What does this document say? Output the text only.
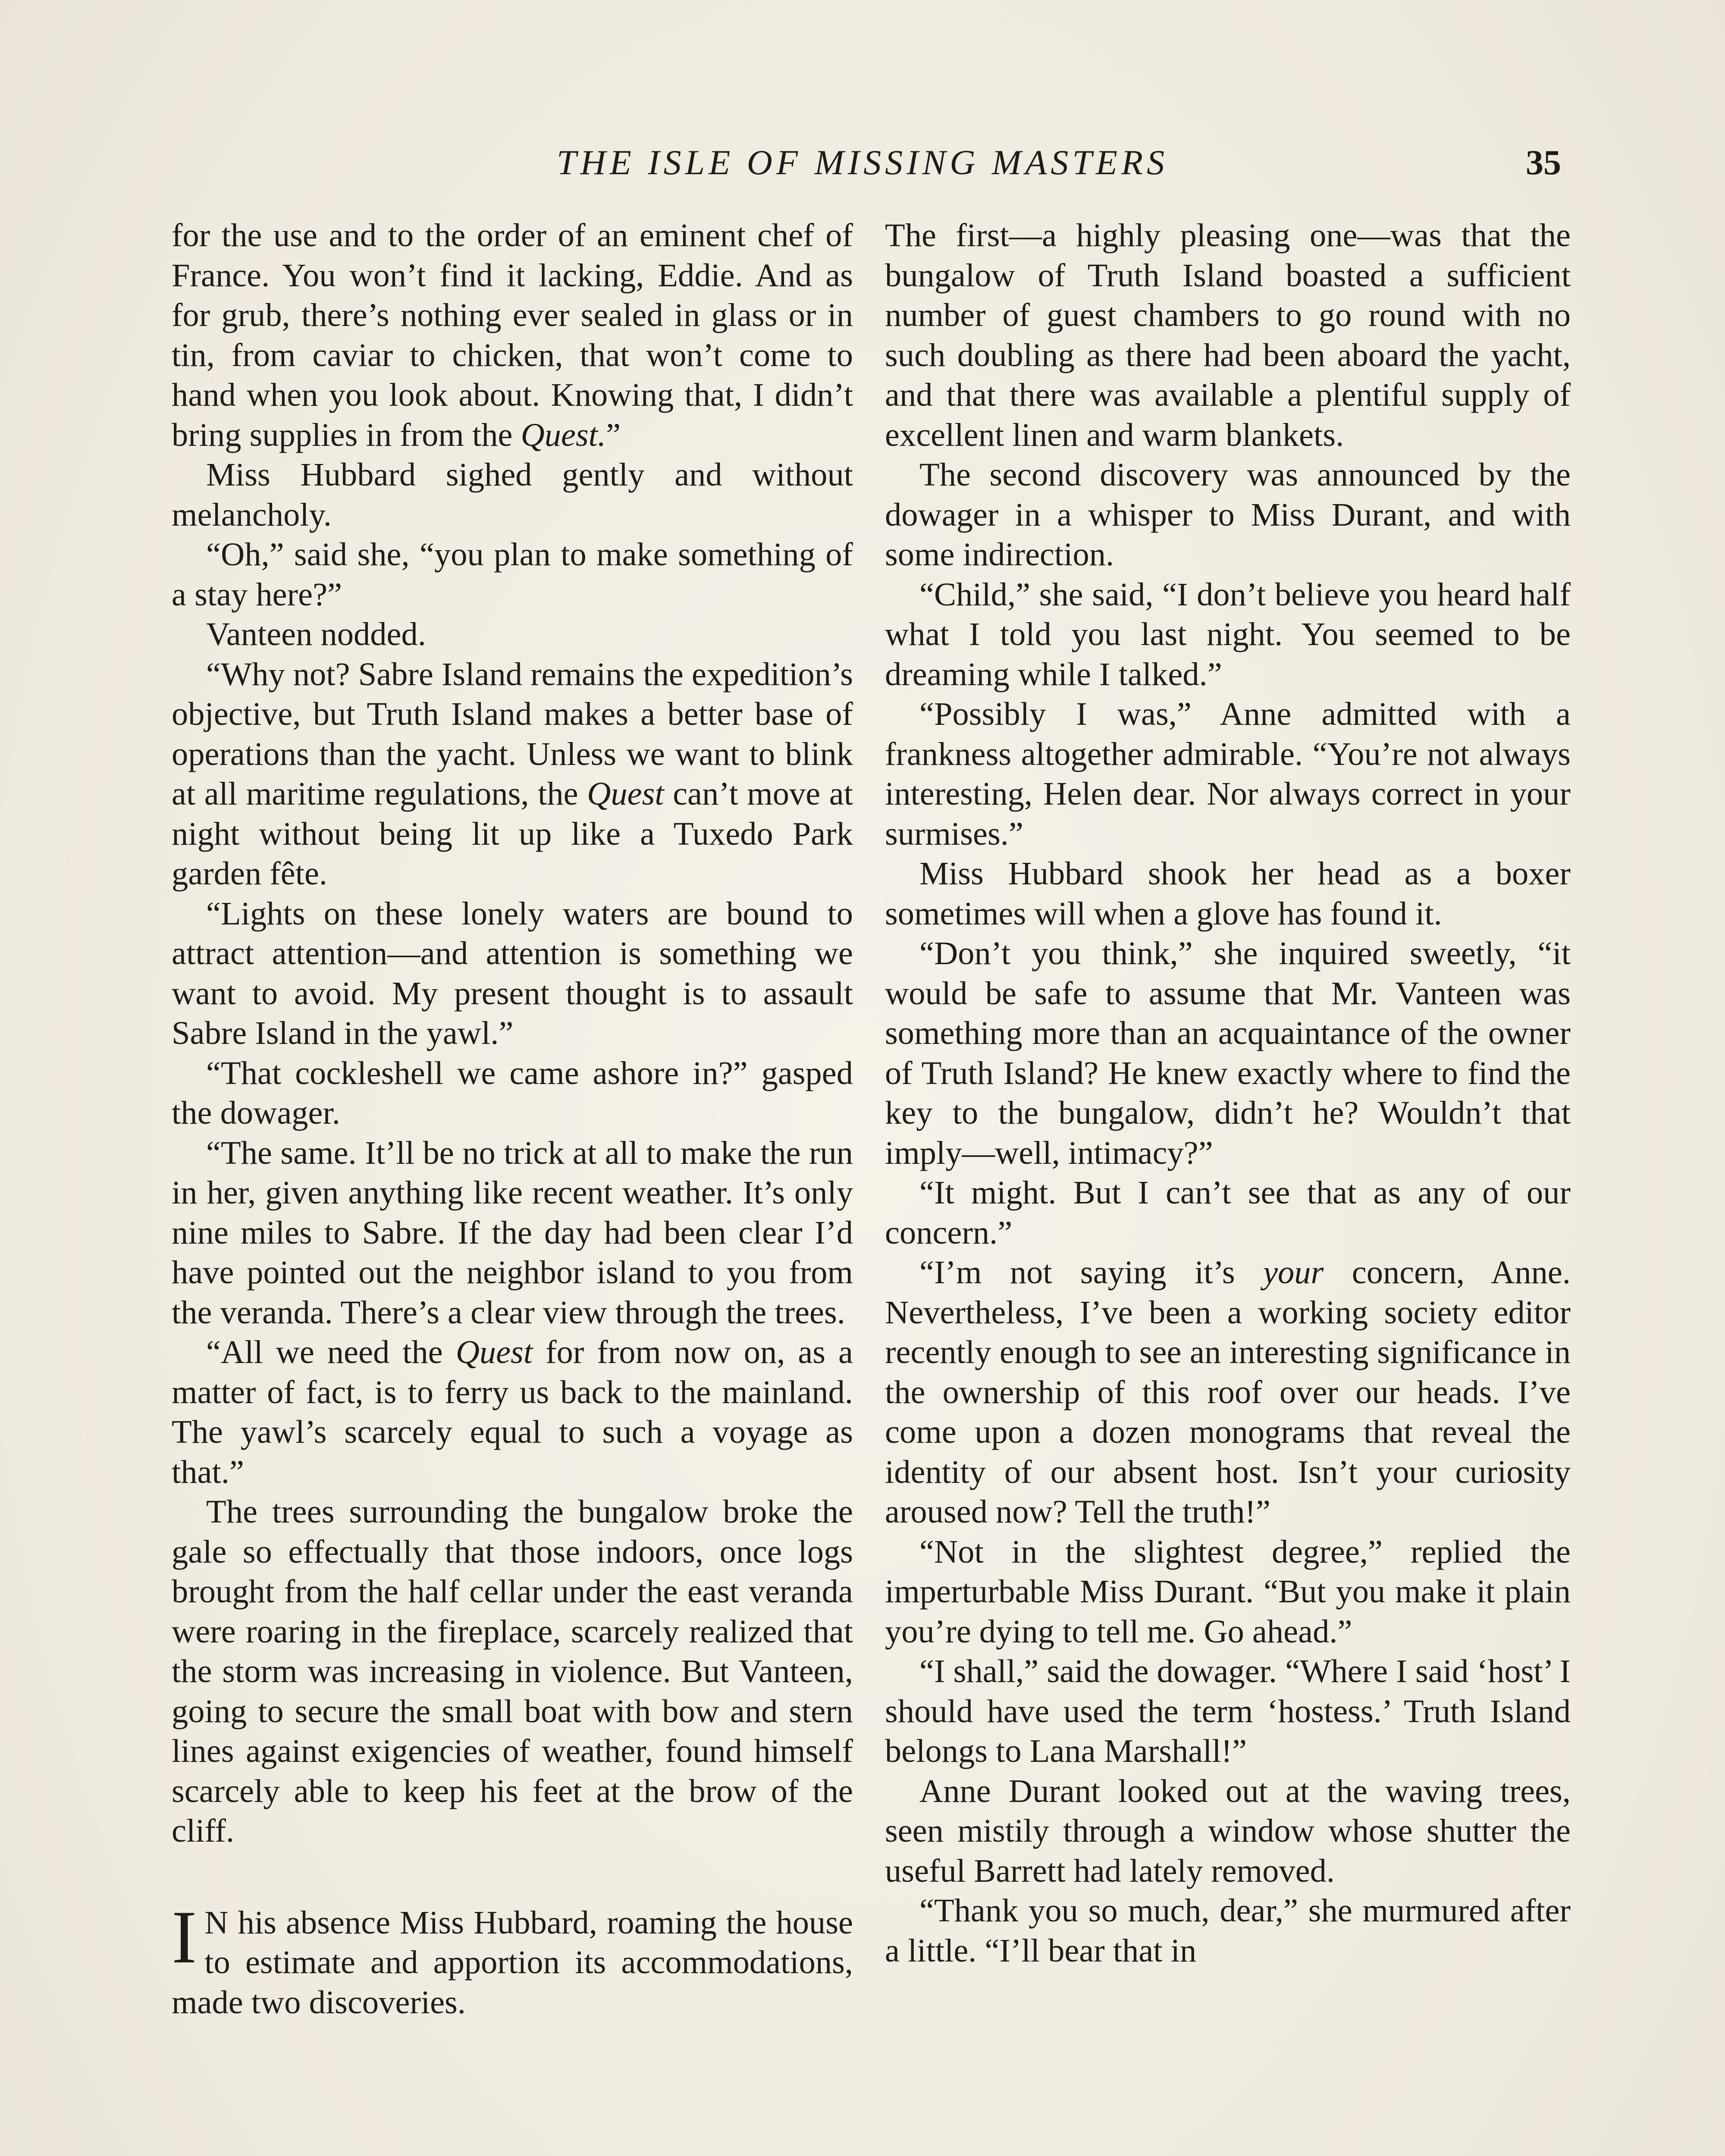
THE ISLE OF MISSING MASTERS	35

for the use and to the order of an eminent chef of France. You won’t find it lacking, Eddie. And as for grub, there’s nothing ever sealed in glass or in tin, from caviar to chicken, that won’t come to hand when you look about. Knowing that, I didn’t bring supplies in from the Quest.”

Miss Hubbard sighed gently and without melancholy.

“Oh,” said she, “you plan to make something of a stay here?”

Vanteen nodded.

“Why not? Sabre Island remains the expedition’s objective, but Truth Island makes a better base of operations than the yacht. Unless we want to blink at all maritime regulations, the Quest can’t move at night without being lit up like a Tuxedo Park garden fête.

“Lights on these lonely waters are bound to attract attention—and attention is something we want to avoid. My present thought is to assault Sabre Island in the yawl.”

“That cockleshell we came ashore in?” gasped the dowager.

“The same. It’ll be no trick at all to make the run in her, given anything like recent weather. It’s only nine miles to Sabre. If the day had been clear I’d have pointed out the neighbor island to you from the veranda. There’s a clear view through the trees.

“All we need the Quest for from now on, as a matter of fact, is to ferry us back to the mainland. The yawl’s scarcely equal to such a voyage as that.”

The trees surrounding the bungalow broke the gale so effectually that those indoors, once logs brought from the half cellar under the east veranda were roaring in the fireplace, scarcely realized that the storm was increasing in violence. But Vanteen, going to secure the small boat with bow and stern lines against exigencies of weather, found himself scarcely able to keep his feet at the brow of the cliff.

I N his absence Miss Hubbard, roaming the house to estimate and apportion its accommodations, made two discoveries.

The first—a highly pleasing one—was that the bungalow of Truth Island boasted a sufficient number of guest chambers to go round with no such doubling as there had been aboard the yacht, and that there was available a plentiful supply of excellent linen and warm blankets.

The second discovery was announced by the dowager in a whisper to Miss Durant, and with some indirection.

“Child,” she said, “I don’t believe you heard half what I told you last night. You seemed to be dreaming while I talked.”

“Possibly I was,” Anne admitted with a frankness altogether admirable. “You’re not always interesting, Helen dear. Nor always correct in your surmises.”

Miss Hubbard shook her head as a boxer sometimes will when a glove has found it.

“Don’t you think,” she inquired sweetly, “it would be safe to assume that Mr. Vanteen was something more than an acquaintance of the owner of Truth Island? He knew exactly where to find the key to the bungalow, didn’t he? Wouldn’t that imply—well, intimacy?”

“It might. But I can’t see that as any of our concern.”

“I’m not saying it’s your concern, Anne. Nevertheless, I’ve been a working society editor recently enough to see an interesting significance in the ownership of this roof over our heads. I’ve come upon a dozen monograms that reveal the identity of our absent host. Isn’t your curiosity aroused now? Tell the truth!”

“Not in the slightest degree,” replied the imperturbable Miss Durant. “But you make it plain you’re dying to tell me. Go ahead.”

“I shall,” said the dowager. “Where I said ‘host’ I should have used the term ‘hostess.’ Truth Island belongs to Lana Marshall!”

Anne Durant looked out at the waving trees, seen mistily through a window whose shutter the useful Barrett had lately removed.

“Thank you so much, dear,” she murmured after a little. “I’ll bear that in
